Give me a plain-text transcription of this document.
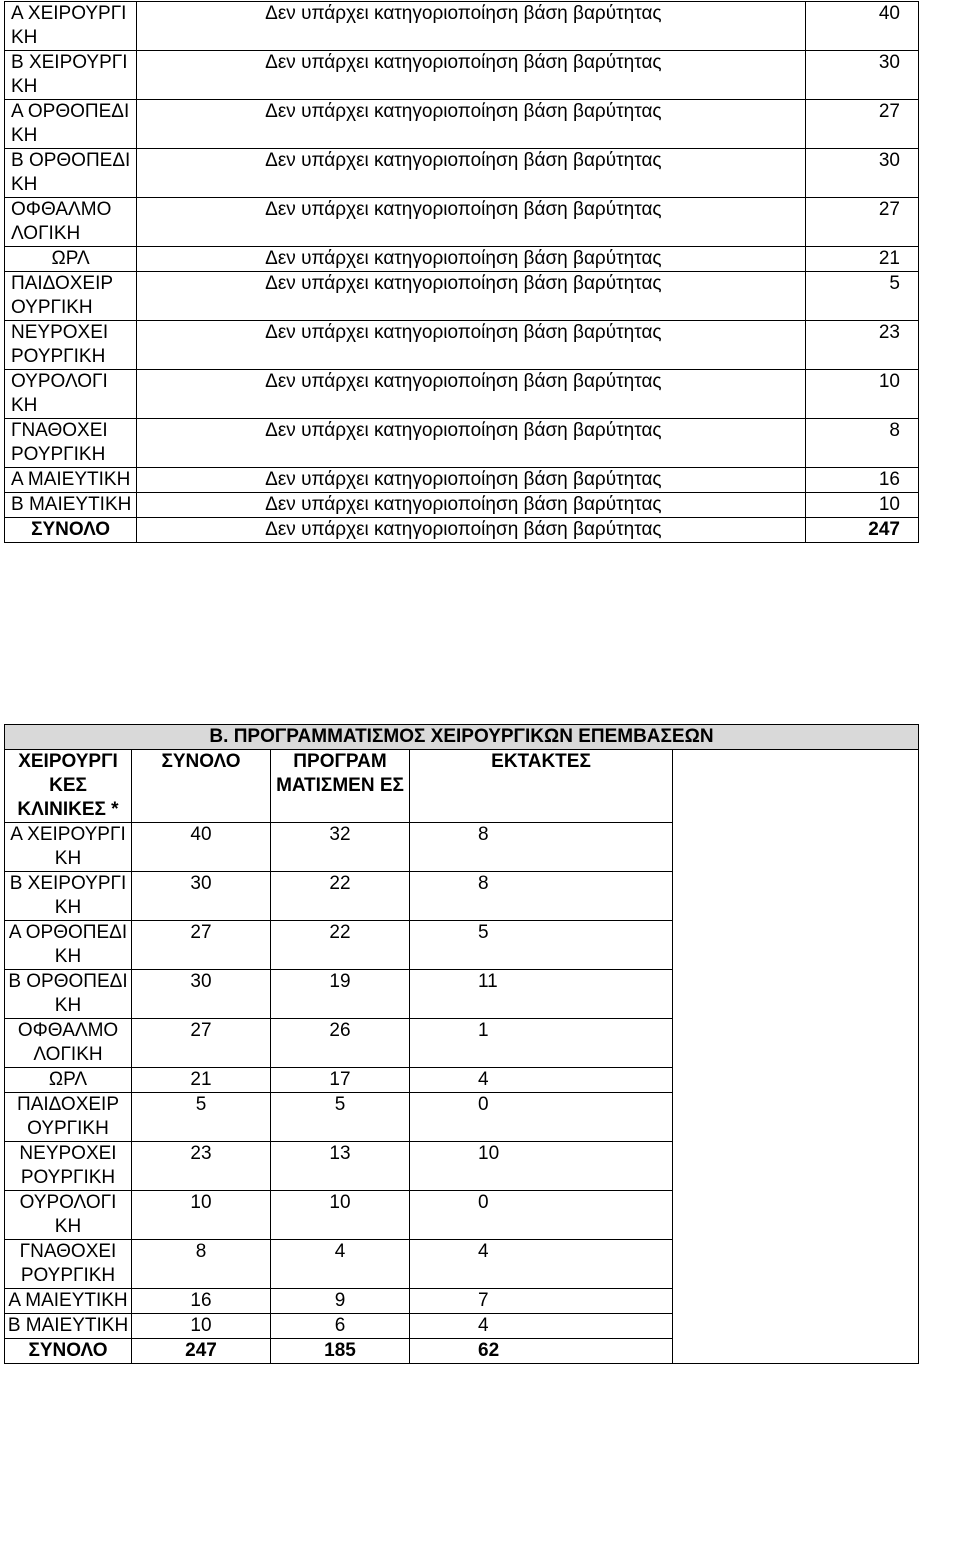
Α ΧΕΙΡΟΥΡΓΙ ΚΗ	Δεν υπάρχει κατηγοριοποίηση βάση βαρύτητας	40
Β ΧΕΙΡΟΥΡΓΙ ΚΗ	Δεν υπάρχει κατηγοριοποίηση βάση βαρύτητας	30
Α ΟΡΘΟΠΕΔΙ ΚΗ	Δεν υπάρχει κατηγοριοποίηση βάση βαρύτητας	27
Β ΟΡΘΟΠΕΔΙ ΚΗ	Δεν υπάρχει κατηγοριοποίηση βάση βαρύτητας	30
ΟΦΘΑΛΜΟ ΛΟΓΙΚΗ	Δεν υπάρχει κατηγοριοποίηση βάση βαρύτητας	27
ΩΡΛ	Δεν υπάρχει κατηγοριοποίηση βάση βαρύτητας	21
ΠΑΙΔΟΧΕΙΡ ΟΥΡΓΙΚΗ	Δεν υπάρχει κατηγοριοποίηση βάση βαρύτητας	5
ΝΕΥΡΟΧΕΙ ΡΟΥΡΓΙΚΗ	Δεν υπάρχει κατηγοριοποίηση βάση βαρύτητας	23
ΟΥΡΟΛΟΓΙ ΚΗ	Δεν υπάρχει κατηγοριοποίηση βάση βαρύτητας	10
ΓΝΑΘΟΧΕΙ ΡΟΥΡΓΙΚΗ	Δεν υπάρχει κατηγοριοποίηση βάση βαρύτητας	8
Α ΜΑΙΕΥΤΙΚΗ	Δεν υπάρχει κατηγοριοποίηση βάση βαρύτητας	16
Β ΜΑΙΕΥΤΙΚΗ	Δεν υπάρχει κατηγοριοποίηση βάση βαρύτητας	10
ΣΥΝΟΛΟ	Δεν υπάρχει κατηγοριοποίηση βάση βαρύτητας	247
Β. ΠΡΟΓΡΑΜΜΑΤΙΣΜΟΣ ΧΕΙΡΟΥΡΓΙΚΩΝ ΕΠΕΜΒΑΣΕΩΝ				
ΧΕΙΡΟΥΡΓΙ ΚΕΣ ΚΛΙΝΙΚΕΣ *	ΣΥΝΟΛΟ	ΠΡΟΓΡΑΜ ΜΑΤΙΣΜΕΝ ΕΣ	ΕΚΤΑΚΤΕΣ	
Α ΧΕΙΡΟΥΡΓΙ ΚΗ	40	32	8	
Β ΧΕΙΡΟΥΡΓΙ ΚΗ	30	22	8	
Α ΟΡΘΟΠΕΔΙ ΚΗ	27	22	5	
Β ΟΡΘΟΠΕΔΙ ΚΗ	30	19	11	
ΟΦΘΑΛΜΟ ΛΟΓΙΚΗ	27	26	1	
ΩΡΛ	21	17	4	
ΠΑΙΔΟΧΕΙΡ ΟΥΡΓΙΚΗ	5	5	0	
ΝΕΥΡΟΧΕΙ ΡΟΥΡΓΙΚΗ	23	13	10	
ΟΥΡΟΛΟΓΙ ΚΗ	10	10	0	
ΓΝΑΘΟΧΕΙ ΡΟΥΡΓΙΚΗ	8	4	4	
Α ΜΑΙΕΥΤΙΚΗ	16	9	7	
Β ΜΑΙΕΥΤΙΚΗ	10	6	4	
ΣΥΝΟΛΟ	247	185	62	
